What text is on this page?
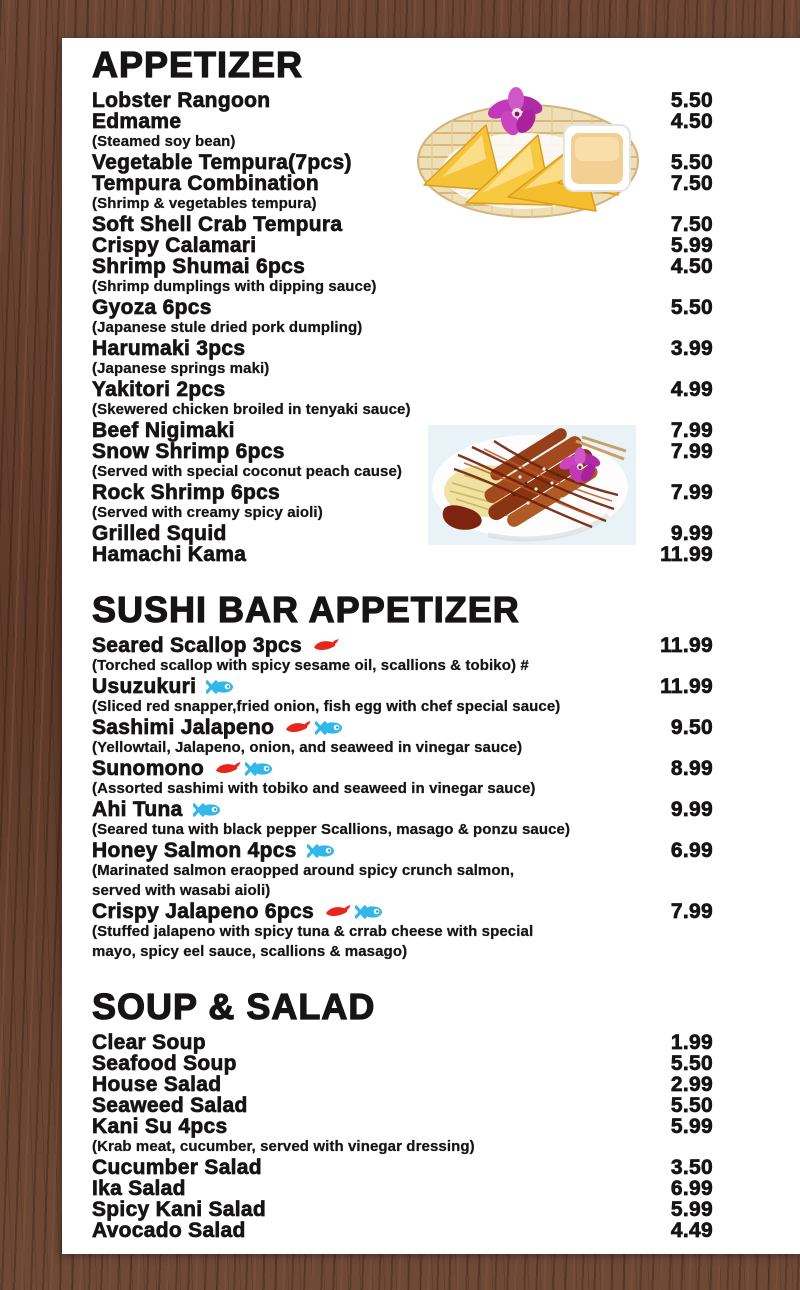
APPETIZER
Lobster Rangoon	5.50
Edmame	4.50
(Steamed soy bean)
Vegetable Tempura(7pcs)	5.50
Tempura Combination	7.50
(Shrimp & vegetables tempura)
Soft Shell Crab Tempura	7.50
Crispy Calamari	5.99
Shrimp Shumai 6pcs	4.50
(Shrimp dumplings with dipping sauce)
Gyoza 6pcs	5.50
(Japanese stule dried pork dumpling)
Harumaki 3pcs	3.99
(Japanese springs maki)
Yakitori 2pcs	4.99
(Skewered chicken broiled in tenyaki sauce)
Beef Nigimaki	7.99
Snow Shrimp 6pcs	7.99
(Served with special coconut peach cause)
Rock Shrimp 6pcs	7.99
(Served with creamy spicy aioli)
Grilled Squid	9.99
Hamachi Kama	11.99
SUSHI BAR APPETIZER
Seared Scallop 3pcs	11.99
(Torched scallop with spicy sesame oil, scallions & tobiko) #
Usuzukuri	11.99
(Sliced red snapper,fried onion, fish egg with chef special sauce)
Sashimi Jalapeno	9.50
(Yellowtail, Jalapeno, onion, and seaweed in vinegar sauce)
Sunomono	8.99
(Assorted sashimi with tobiko and seaweed in vinegar sauce)
Ahi Tuna	9.99
(Seared tuna with black pepper Scallions, masago & ponzu sauce)
Honey Salmon 4pcs	6.99
(Marinated salmon eraopped around spicy crunch salmon,
served with wasabi aioli)
Crispy Jalapeno 6pcs	7.99
(Stuffed jalapeno with spicy tuna & crrab cheese with special
mayo, spicy eel sauce, scallions & masago)
SOUP & SALAD
Clear Soup	1.99
Seafood Soup	5.50
House Salad	2.99
Seaweed Salad	5.50
Kani Su 4pcs	5.99
(Krab meat, cucumber, served with vinegar dressing)
Cucumber Salad	3.50
Ika Salad	6.99
Spicy Kani Salad	5.99
Avocado Salad	4.49
